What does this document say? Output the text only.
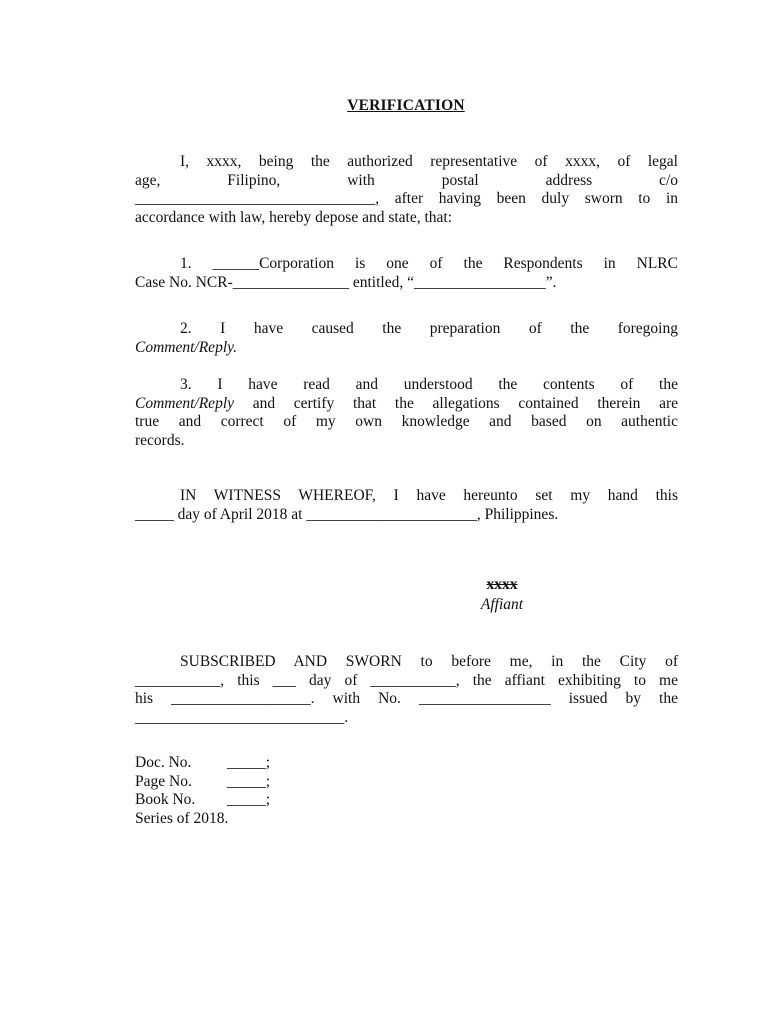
VERIFICATION
I, xxxx, being the authorized representative of xxxx, of legal
age, Filipino, with postal address c/o
_______________________________, after having been duly sworn to in
accordance with law, hereby depose and state, that:
1. ______Corporation is one of the Respondents in NLRC
Case No. NCR-_______________ entitled, “_________________”.
2. I have caused the preparation of the foregoing
Comment/Reply.
3. I have read and understood the contents of the
Comment/Reply and certify that the allegations contained therein are
true and correct of my own knowledge and based on authentic
records.
IN WITNESS WHEREOF, I have hereunto set my hand this
_____ day of April 2018 at ______________________, Philippines.
xxxx
Affiant
SUBSCRIBED AND SWORN to before me, in the City of
___________, this ___ day of ___________, the affiant exhibiting to me
his __________________. with No. _________________ issued by the
___________________________.
Doc. No.	_____;
Page No.	_____;
Book No.	_____;
Series of 2018.
